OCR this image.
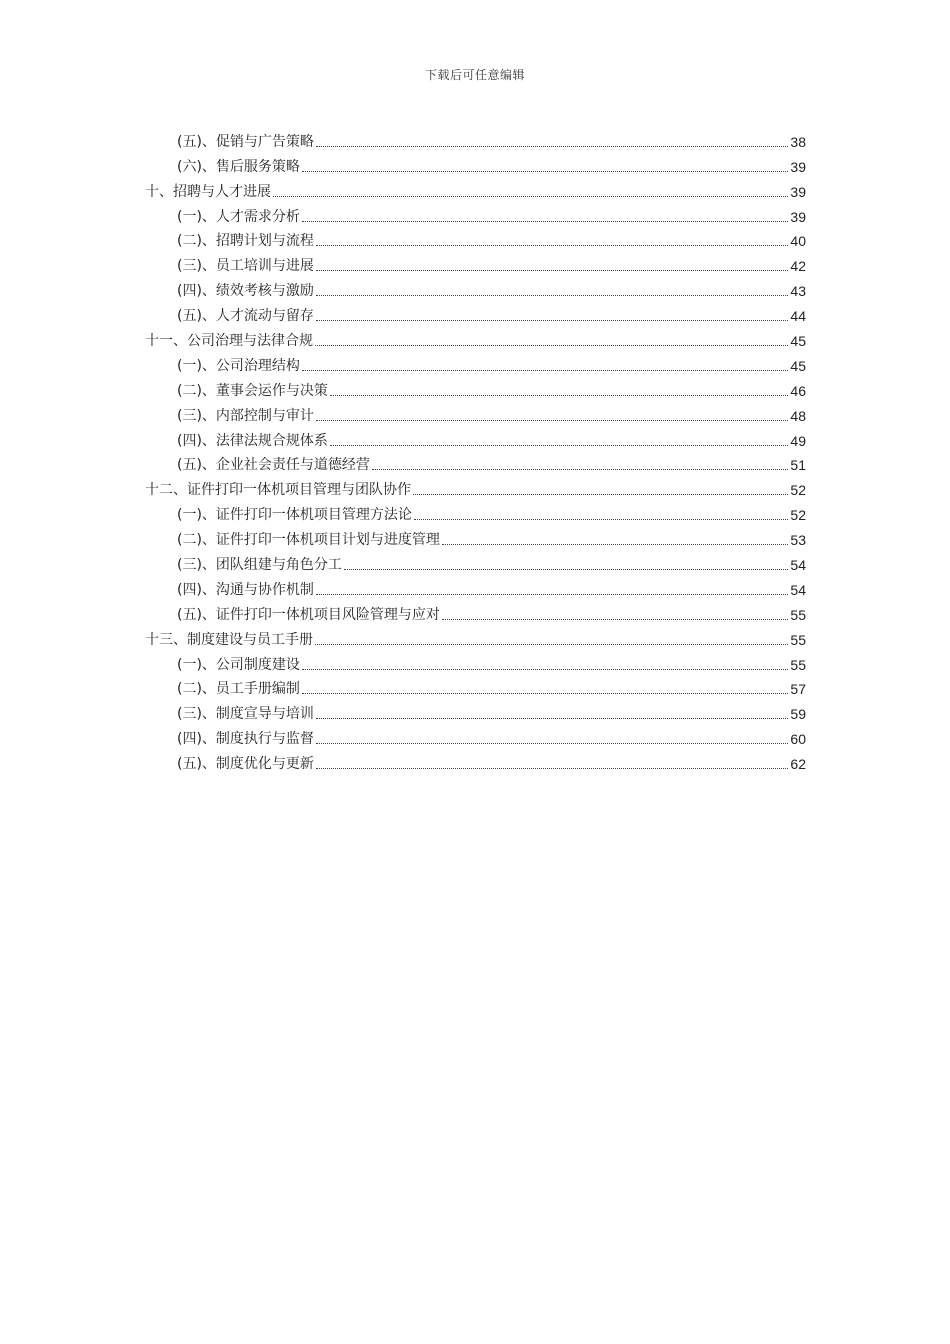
下载后可任意编辑
(五)、促销与广告策略	38
(六)、售后服务策略	39
十、招聘与人才进展	39
(一)、人才需求分析	39
(二)、招聘计划与流程	40
(三)、员工培训与进展	42
(四)、绩效考核与激励	43
(五)、人才流动与留存	44
十一、公司治理与法律合规	45
(一)、公司治理结构	45
(二)、董事会运作与决策	46
(三)、内部控制与审计	48
(四)、法律法规合规体系	49
(五)、企业社会责任与道德经营	51
十二、证件打印一体机项目管理与团队协作	52
(一)、证件打印一体机项目管理方法论	52
(二)、证件打印一体机项目计划与进度管理	53
(三)、团队组建与角色分工	54
(四)、沟通与协作机制	54
(五)、证件打印一体机项目风险管理与应对	55
十三、制度建设与员工手册	55
(一)、公司制度建设	55
(二)、员工手册编制	57
(三)、制度宣导与培训	59
(四)、制度执行与监督	60
(五)、制度优化与更新	62
